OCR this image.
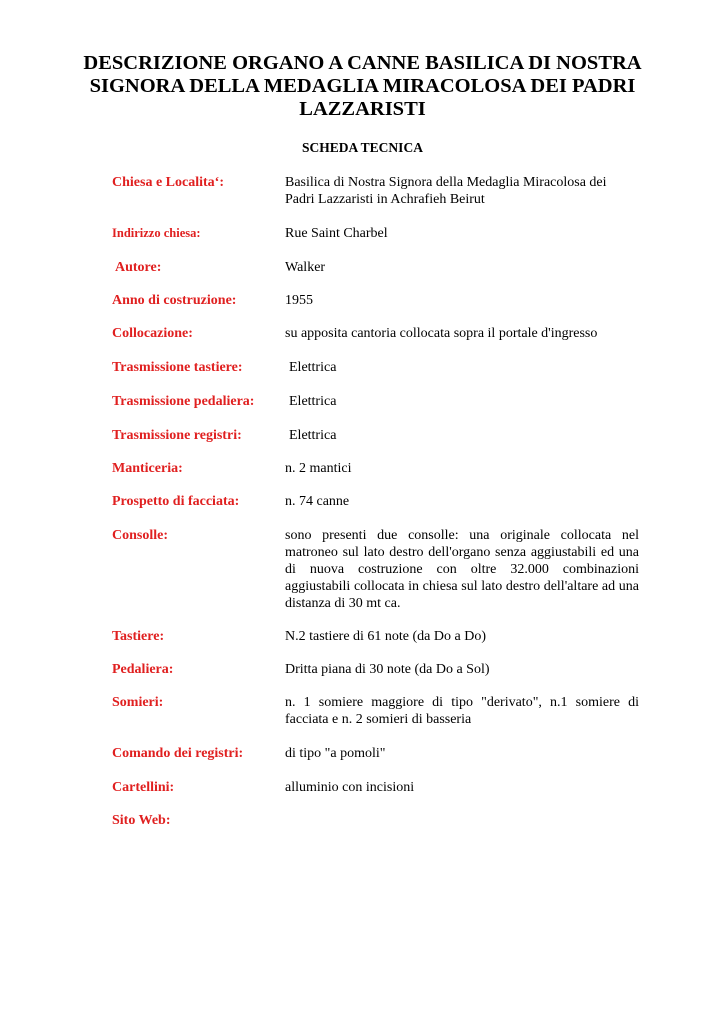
DESCRIZIONE ORGANO A CANNE BASILICA DI NOSTRA SIGNORA DELLA MEDAGLIA MIRACOLOSA DEI PADRI LAZZARISTI
SCHEDA TECNICA
Chiesa e Localita‘:	Basilica di Nostra Signora della Medaglia Miracolosa dei Padri Lazzaristi in Achrafieh Beirut
Indirizzo chiesa:	Rue Saint Charbel
Autore:	Walker
Anno di costruzione:	1955
Collocazione:	su apposita cantoria collocata sopra il portale d'ingresso
Trasmissione tastiere:	Elettrica
Trasmissione pedaliera: Elettrica
Trasmissione registri:	Elettrica
Manticeria:	n. 2 mantici
Prospetto di facciata:	n. 74 canne
Consolle:	sono presenti due consolle: una originale collocata nel matroneo sul lato destro dell'organo senza aggiustabili ed una di nuova costruzione con oltre 32.000 combinazioni aggiustabili collocata in chiesa sul lato destro dell'altare ad una distanza di 30 mt ca.
Tastiere:	N.2 tastiere di 61 note (da Do a Do)
Pedaliera:	Dritta piana di 30 note (da Do a Sol)
Somieri:	n. 1 somiere maggiore di tipo "derivato", n.1 somiere di facciata e n. 2 somieri di basseria
Comando dei registri:	di tipo "a pomoli"
Cartellini:	alluminio con incisioni
Sito Web:
